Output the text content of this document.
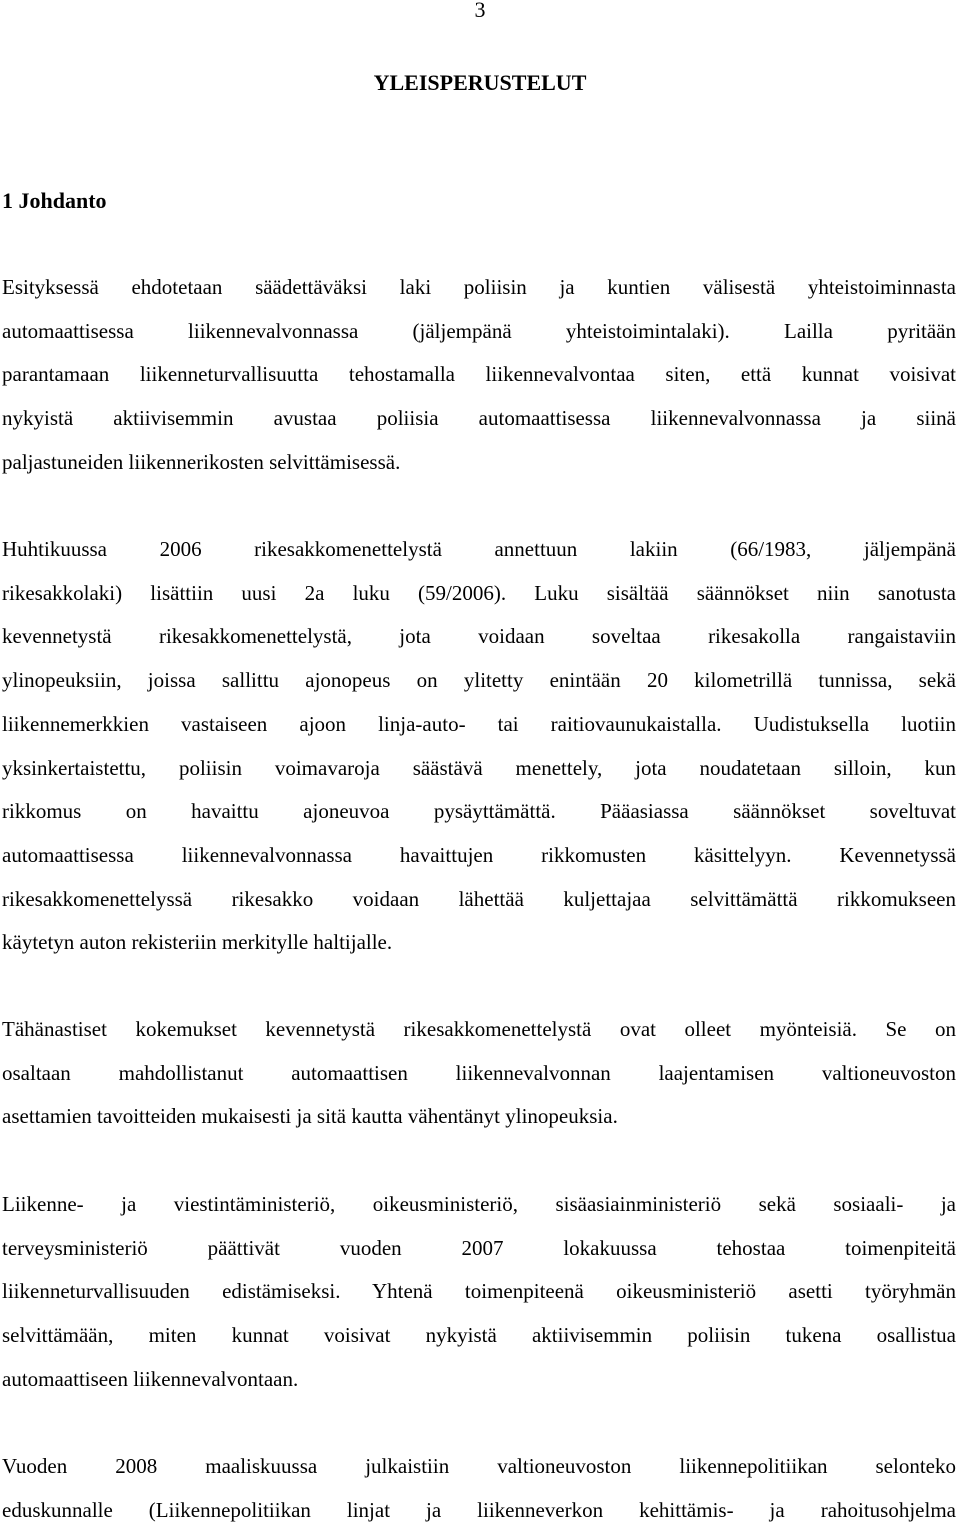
3
YLEISPERUSTELUT
1 Johdanto

Esityksessä ehdotetaan säädettäväksi laki poliisin ja kuntien välisestä yhteistoiminnasta
automaattisessa liikennevalvonnassa (jäljempänä yhteistoimintalaki). Lailla pyritään
parantamaan liikenneturvallisuutta tehostamalla liikennevalvontaa siten, että kunnat voisivat
nykyistä aktiivisemmin avustaa poliisia automaattisessa liikennevalvonnassa ja siinä
paljastuneiden liikennerikosten selvittämisessä.

Huhtikuussa 2006 rikesakkomenettelystä annettuun lakiin (66/1983, jäljempänä
rikesakkolaki) lisättiin uusi 2a luku (59/2006). Luku sisältää säännökset niin sanotusta
kevennetystä rikesakkomenettelystä, jota voidaan soveltaa rikesakolla rangaistaviin
ylinopeuksiin, joissa sallittu ajonopeus on ylitetty enintään 20 kilometrillä tunnissa, sekä
liikennemerkkien vastaiseen ajoon linja-auto- tai raitiovaunukaistalla. Uudistuksella luotiin
yksinkertaistettu, poliisin voimavaroja säästävä menettely, jota noudatetaan silloin, kun
rikkomus on havaittu ajoneuvoa pysäyttämättä. Pääasiassa säännökset soveltuvat
automaattisessa liikennevalvonnassa havaittujen rikkomusten käsittelyyn. Kevennetyssä
rikesakkomenettelyssä rikesakko voidaan lähettää kuljettajaa selvittämättä rikkomukseen
käytetyn auton rekisteriin merkitylle haltijalle.

Tähänastiset kokemukset kevennetystä rikesakkomenettelystä ovat olleet myönteisiä. Se on
osaltaan mahdollistanut automaattisen liikennevalvonnan laajentamisen valtioneuvoston
asettamien tavoitteiden mukaisesti ja sitä kautta vähentänyt ylinopeuksia.

Liikenne- ja viestintäministeriö, oikeusministeriö, sisäasiainministeriö sekä sosiaali- ja
terveysministeriö päättivät vuoden 2007 lokakuussa tehostaa toimenpiteitä
liikenneturvallisuuden edistämiseksi. Yhtenä toimenpiteenä oikeusministeriö asetti työryhmän
selvittämään, miten kunnat voisivat nykyistä aktiivisemmin poliisin tukena osallistua
automaattiseen liikennevalvontaan.

Vuoden 2008 maaliskuussa julkaistiin valtioneuvoston liikennepolitiikan selonteko
eduskunnalle (Liikennepolitiikan linjat ja liikenneverkon kehittämis- ja rahoitusohjelma
